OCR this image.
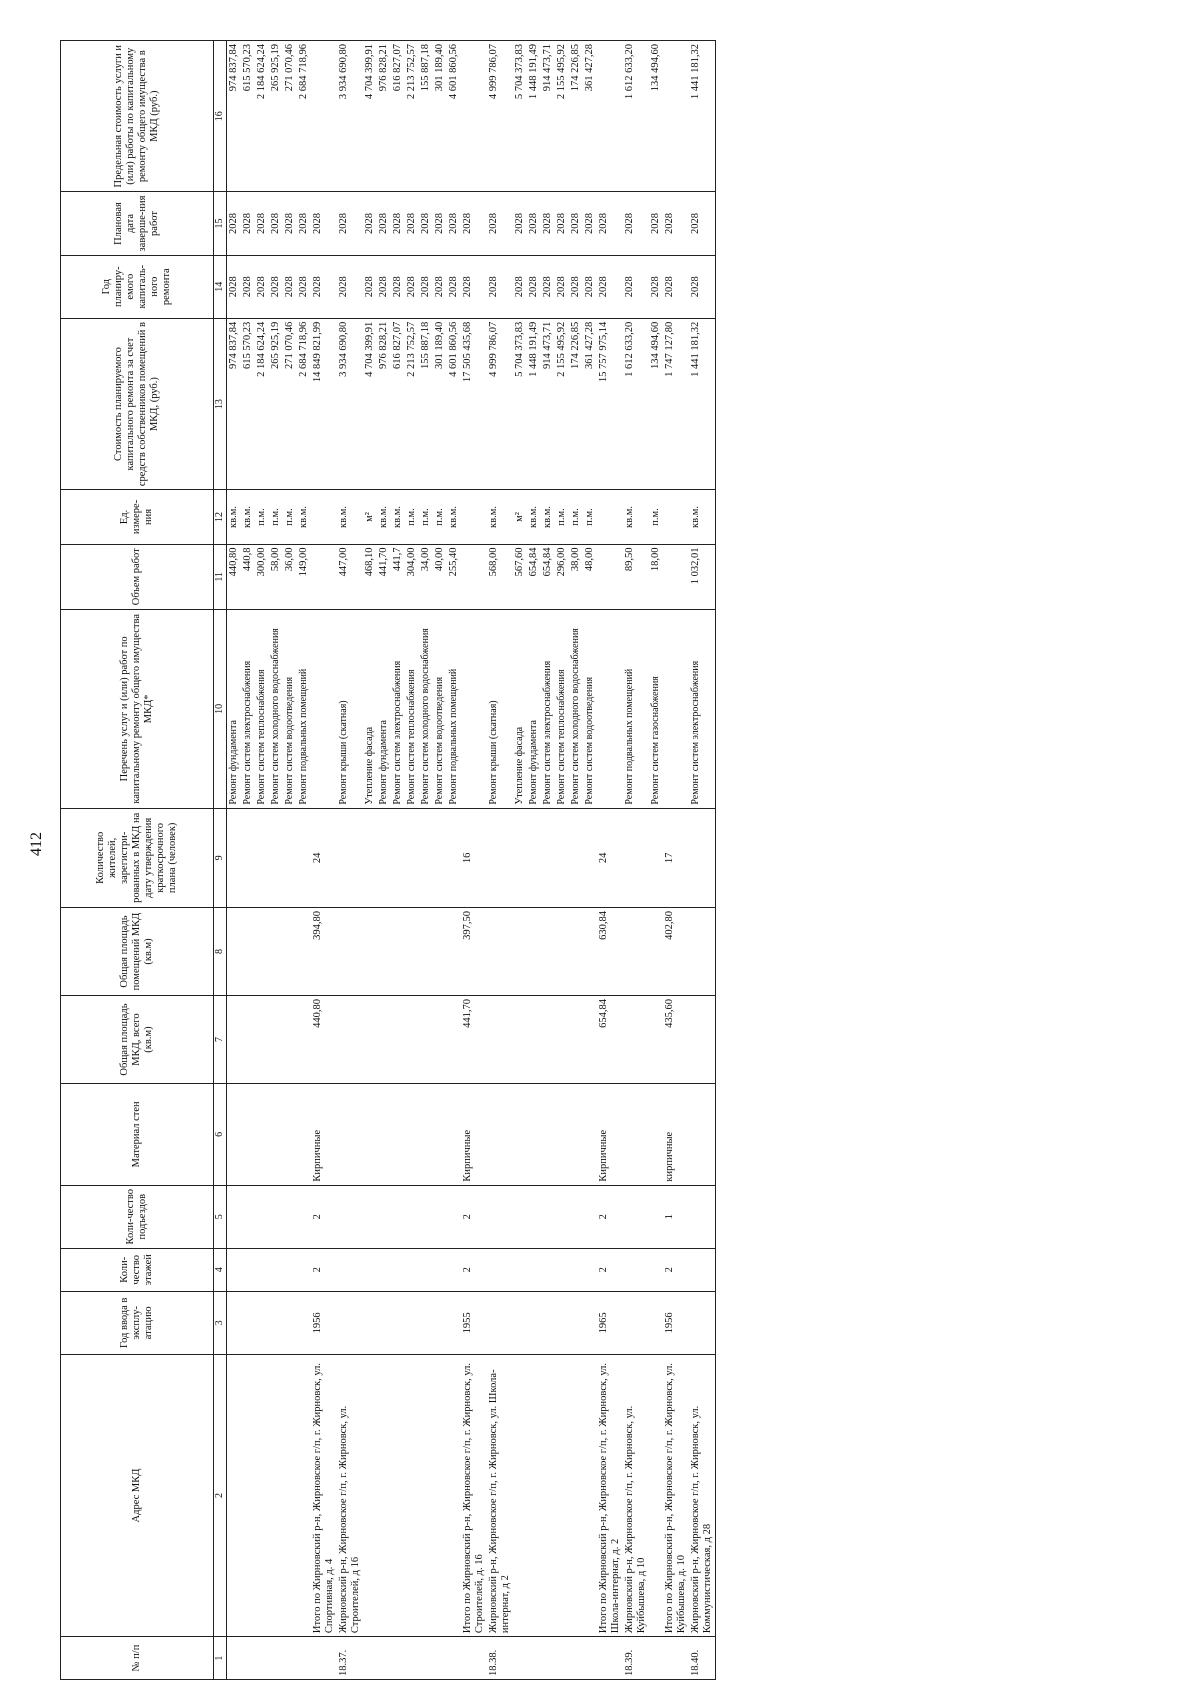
412
№ п/п	Адрес МКД	Год ввода в эксплу-атацию	Коли-чество этажей	Коли-чество подъездов	Материал стен	Общая площадь МКД, всего (кв.м)	Общая площадь помещений МКД (кв.м)	Количество жителей, зарегистри-рованных в МКД на дату утверждения краткосрочного плана (человек)	Перечень услуг и (или) работ по капитальному ремонту общего имущества МКД*	Объем работ	Ед. измере-ния	Стоимость планируемого капитального ремонта за счет средств собственников помещений в МКД, (руб.)	Год планиру-емого капиталь-ного ремонта	Плановая дата заверше-ния работ	Предельная стоимость услуги и (или) работы по капитальному ремонту общего имущества в МКД (руб.)
1	2	3	4	5	6	7	8	9	10	11	12	13	14	15	16
									Ремонт фундамента	440,80	кв.м.	974 837,84	2028	2028	974 837,84
									Ремонт систем электроснабжения	440,8	кв.м.	615 570,23	2028	2028	615 570,23
									Ремонт систем теплоснабжения	300,00	п.м.	2 184 624,24	2028	2028	2 184 624,24
									Ремонт систем холодного водоснабжения	58,00	п.м.	265 925,19	2028	2028	265 925,19
									Ремонт систем водоотведения	36,00	п.м.	271 070,46	2028	2028	271 070,46
									Ремонт подвальных помещений	149,00	кв.м.	2 684 718,96	2028	2028	2 684 718,96
	Итого по Жирновский р-н, Жирновское г/п, г. Жирновск, ул. Спортивная, д. 4	1956	2	2	Кирпичные	440,80	394,80	24				14 849 821,99	2028	2028	
18.37.	Жирновский р-н, Жирновское г/п, г. Жирновск, ул. Строителей, д 16								Ремонт крыши (скатная)	447,00	кв.м.	3 934 690,80	2028	2028	3 934 690,80
									Утепление фасада	468,10	м²	4 704 399,91	2028	2028	4 704 399,91
									Ремонт фундамента	441,70	кв.м.	976 828,21	2028	2028	976 828,21
									Ремонт систем электроснабжения	441,7	кв.м.	616 827,07	2028	2028	616 827,07
									Ремонт систем теплоснабжения	304,00	п.м.	2 213 752,57	2028	2028	2 213 752,57
									Ремонт систем холодного водоснабжения	34,00	п.м.	155 887,18	2028	2028	155 887,18
									Ремонт систем водоотведения	40,00	п.м.	301 189,40	2028	2028	301 189,40
									Ремонт подвальных помещений	255,40	кв.м.	4 601 860,56	2028	2028	4 601 860,56
	Итого по Жирновский р-н, Жирновское г/п, г. Жирновск, ул. Строителей, д. 16	1955	2	2	Кирпичные	441,70	397,50	16				17 505 435,68	2028	2028	
18.38.	Жирновский р-н, Жирновское г/п, г. Жирновск, ул. Школа-интернат, д 2								Ремонт крыши (скатная)	568,00	кв.м.	4 999 786,07	2028	2028	4 999 786,07
									Утепление фасада	567,60	м²	5 704 373,83	2028	2028	5 704 373,83
									Ремонт фундамента	654,84	кв.м.	1 448 191,49	2028	2028	1 448 191,49
									Ремонт систем электроснабжения	654,84	кв.м.	914 473,71	2028	2028	914 473,71
									Ремонт систем теплоснабжения	296,00	п.м.	2 155 495,92	2028	2028	2 155 495,92
									Ремонт систем холодного водоснабжения	38,00	п.м.	174 226,85	2028	2028	174 226,85
									Ремонт систем водоотведения	48,00	п.м.	361 427,28	2028	2028	361 427,28
	Итого по Жирновский р-н, Жирновское г/п, г. Жирновск, ул. Школа-интернат, д. 2	1965	2	2	Кирпичные	654,84	630,84	24				15 757 975,14	2028	2028	
18.39.	Жирновский р-н, Жирновское г/п, г. Жирновск, ул. Куйбышева, д 10								Ремонт подвальных помещений	89,50	кв.м.	1 612 633,20	2028	2028	1 612 633,20
									Ремонт систем газоснабжения	18,00	п.м.	134 494,60	2028	2028	134 494,60
	Итого по Жирновский р-н, Жирновское г/п, г. Жирновск, ул. Куйбышева, д. 10	1956	2	1	кирпичные	435,60	402,80	17				1 747 127,80	2028	2028	
18.40.	Жирновский р-н, Жирновское г/п, г. Жирновск, ул. Коммунистическая, д 28								Ремонт систем электроснабжения	1 032,01	кв.м.	1 441 181,32	2028	2028	1 441 181,32
